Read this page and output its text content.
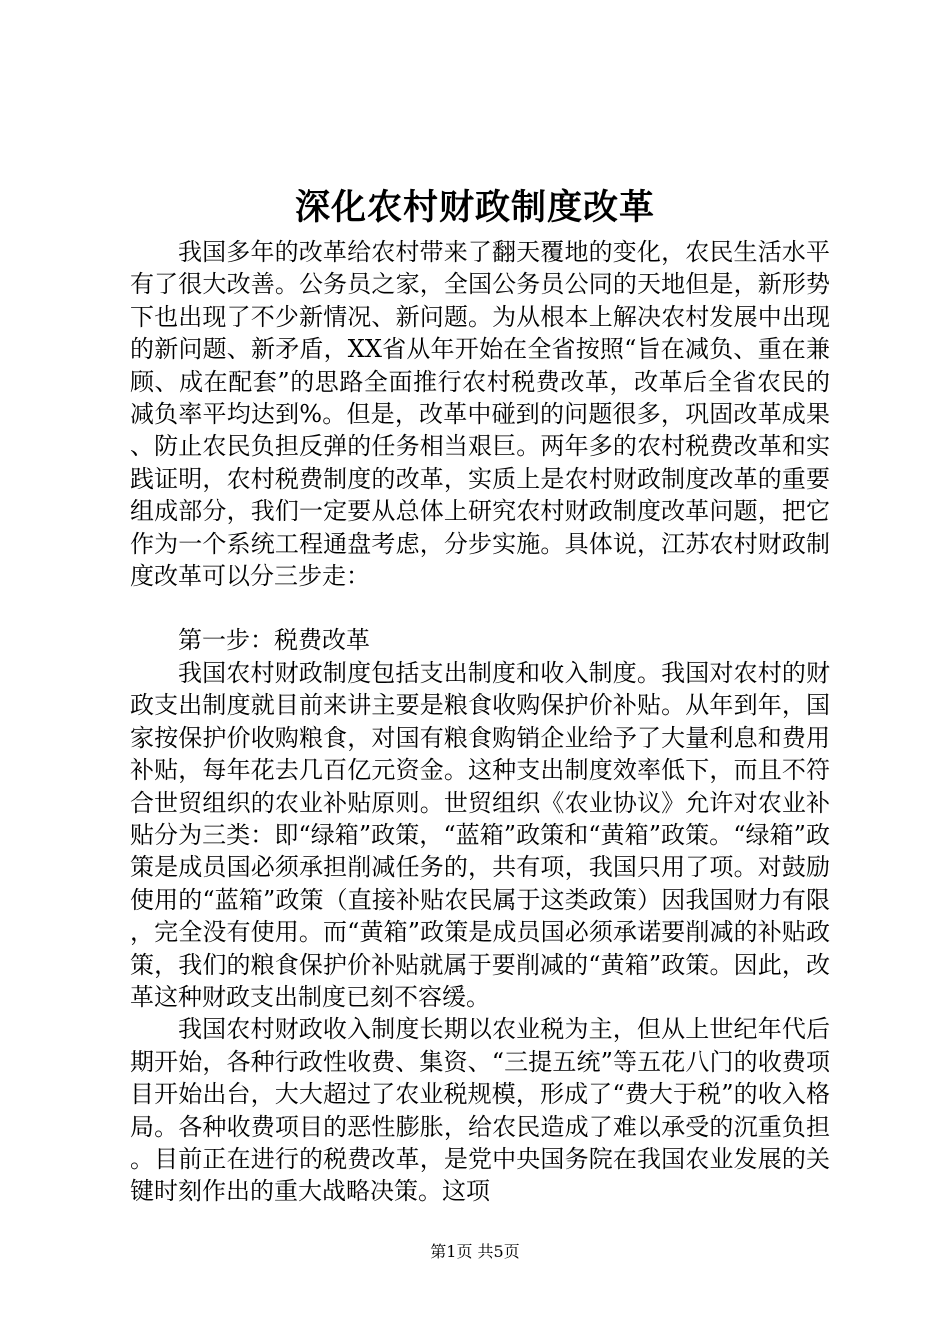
深化农村财政制度改革

我国多年的改革给农村带来了翻天覆地的变化，农民生活水平有了很大改善。公务员之家，全国公务员公同的天地但是，新形势下也出现了不少新情况、新问题。为从根本上解决农村发展中出现的新问题、新矛盾，XX省从年开始在全省按照“旨在减负、重在兼顾、成在配套”的思路全面推行农村税费改革，改革后全省农民的减负率平均达到%。但是，改革中碰到的问题很多，巩固改革成果、防止农民负担反弹的任务相当艰巨。两年多的农村税费改革和实践证明，农村税费制度的改革，实质上是农村财政制度改革的重要组成部分，我们一定要从总体上研究农村财政制度改革问题，把它作为一个系统工程通盘考虑，分步实施。具体说，江苏农村财政制度改革可以分三步走：

第一步：税费改革

我国农村财政制度包括支出制度和收入制度。我国对农村的财政支出制度就目前来讲主要是粮食收购保护价补贴。从年到年，国家按保护价收购粮食，对国有粮食购销企业给予了大量利息和费用补贴，每年花去几百亿元资金。这种支出制度效率低下，而且不符合世贸组织的农业补贴原则。世贸组织《农业协议》允许对农业补贴分为三类：即“绿箱”政策，“蓝箱”政策和“黄箱”政策。“绿箱”政策是成员国必须承担削减任务的，共有项，我国只用了项。对鼓励使用的“蓝箱”政策（直接补贴农民属于这类政策）因我国财力有限，完全没有使用。而“黄箱”政策是成员国必须承诺要削减的补贴政策，我们的粮食保护价补贴就属于要削减的“黄箱”政策。因此，改革这种财政支出制度已刻不容缓。

我国农村财政收入制度长期以农业税为主，但从上世纪年代后期开始，各种行政性收费、集资、“三提五统”等五花八门的收费项目开始出台，大大超过了农业税规模，形成了“费大于税”的收入格局。各种收费项目的恶性膨胀，给农民造成了难以承受的沉重负担。目前正在进行的税费改革，是党中央国务院在我国农业发展的关键时刻作出的重大战略决策。这项

第1页 共5页
